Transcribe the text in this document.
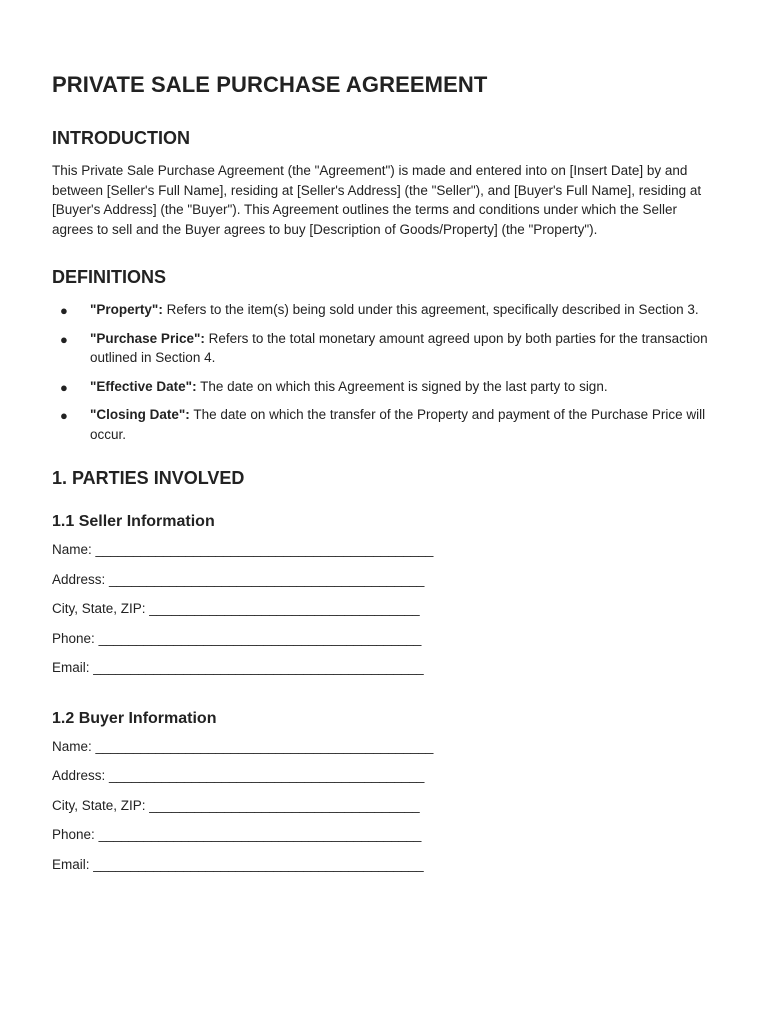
PRIVATE SALE PURCHASE AGREEMENT
INTRODUCTION

This Private Sale Purchase Agreement (the "Agreement") is made and entered into on [Insert Date] by and between [Seller's Full Name], residing at [Seller's Address] (the "Seller"), and [Buyer's Full Name], residing at [Buyer's Address] (the "Buyer"). This Agreement outlines the terms and conditions under which the Seller agrees to sell and the Buyer agrees to buy [Description of Goods/Property] (the "Property").

DEFINITIONS
● "Property": Refers to the item(s) being sold under this agreement, specifically described in Section 3.
● "Purchase Price": Refers to the total monetary amount agreed upon by both parties for the transaction outlined in Section 4.
● "Effective Date": The date on which this Agreement is signed by the last party to sign.
● "Closing Date": The date on which the transfer of the Property and payment of the Purchase Price will occur.
1. PARTIES INVOLVED
1.1 Seller Information
Name: _____________________________________________
Address: __________________________________________
City, State, ZIP: ____________________________________
Phone: ___________________________________________
Email: ____________________________________________
1.2 Buyer Information
Name: _____________________________________________
Address: __________________________________________
City, State, ZIP: ____________________________________
Phone: ___________________________________________
Email: ____________________________________________
